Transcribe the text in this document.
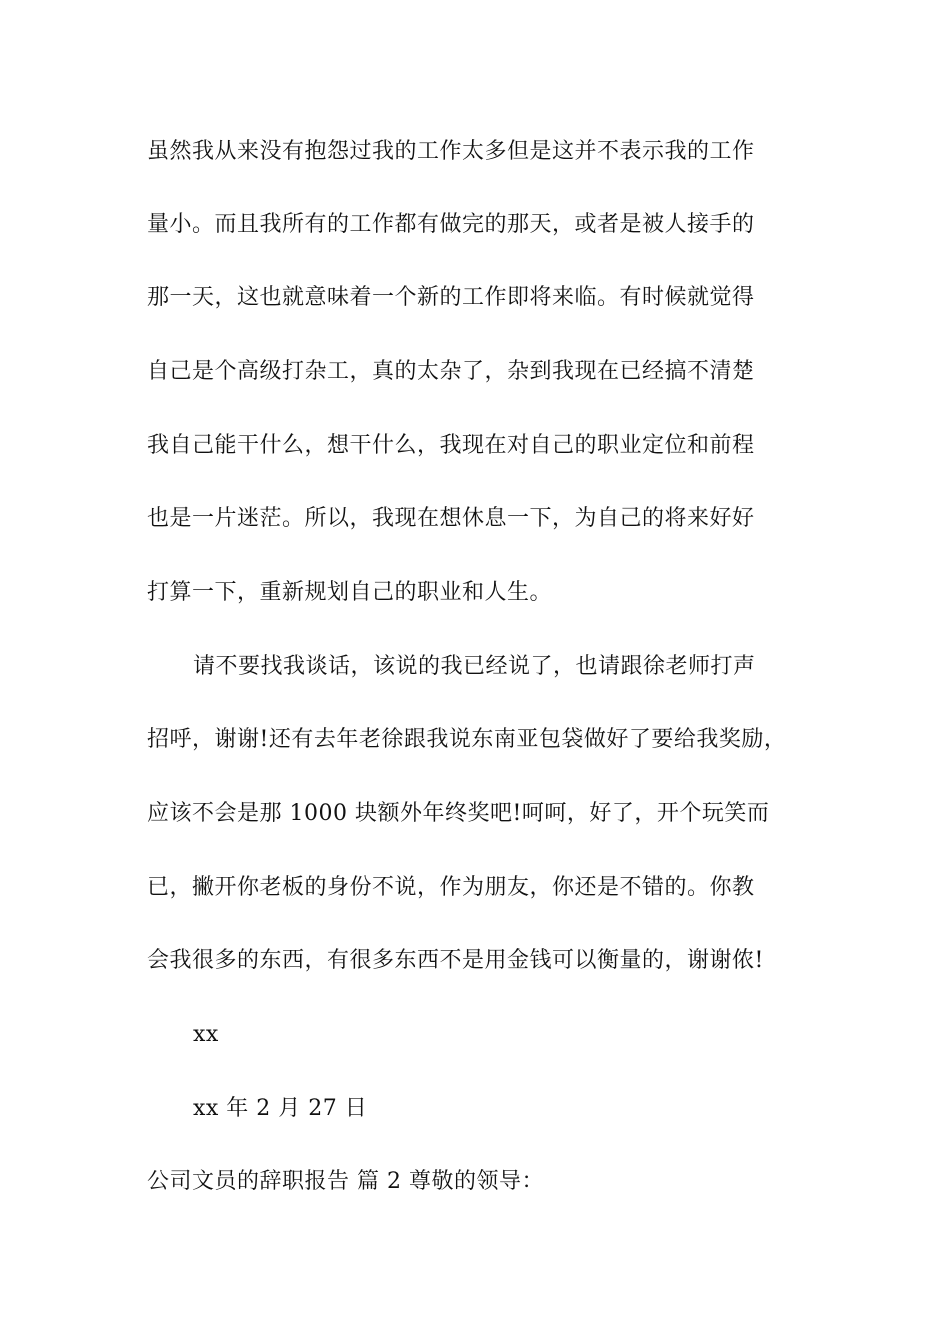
虽然我从来没有抱怨过我的工作太多但是这并不表示我的工作
量小。而且我所有的工作都有做完的那天，或者是被人接手的
那一天，这也就意味着一个新的工作即将来临。有时候就觉得
自己是个高级打杂工，真的太杂了，杂到我现在已经搞不清楚
我自己能干什么，想干什么，我现在对自己的职业定位和前程
也是一片迷茫。所以，我现在想休息一下，为自己的将来好好
打算一下，重新规划自己的职业和人生。
请不要找我谈话，该说的我已经说了，也请跟徐老师打声
招呼，谢谢!还有去年老徐跟我说东南亚包袋做好了要给我奖励，
应该不会是那 1000 块额外年终奖吧!呵呵，好了，开个玩笑而
已，撇开你老板的身份不说，作为朋友，你还是不错的。你教
会我很多的东西，有很多东西不是用金钱可以衡量的，谢谢侬!
xx
xx 年 2 月 27 日
公司文员的辞职报告 篇 2 尊敬的领导：
